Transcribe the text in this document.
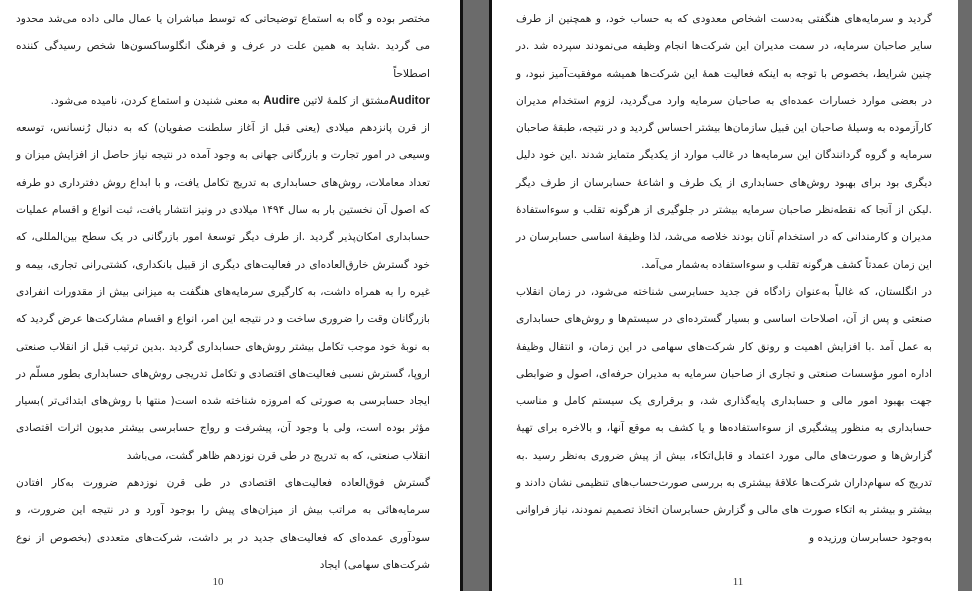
مختصر بوده و گاه به استماع توضیحاتی که توسط مباشران یا عمال مالی داده می‌شد محدود می گردید .شاید به همین علت در عرف و فرهنگ انگلوساکسون‌ها شخص رسیدگی کننده اصطلاحاً

Auditorمشتق از کلمهٔ لاتین Audire به معنی شنیدن و استماع کردن، نامیده می‌شود.

از قرن پانزدهم میلادی (یعنی قبل از آغاز سلطنت صفویان) که به دنبال رُنسانس، توسعه وسیعی در امور تجارت و بازرگانی جهانی به وجود آمده در نتیجه نیاز حاصل از افزایش میزان و تعداد معاملات، روش‌های حسابداری به تدریج تکامل یافت، و با ابداع روش دفترداری دو طرفه که اصول آن نخستین بار به سال ۱۴۹۴ میلادی در ونیز انتشار یافت، ثبت انواع و اقسام عملیات حسابداری امکان‌پذیر گردید .از طرف دیگر توسعهٔ امور بازرگانی در یک سطح بین‌المللی، که خود گسترش خارق‌العاده‌ای در فعالیت‌های دیگری از قبیل بانکداری، کشتی‌رانی تجاری، بیمه و غیره را به همراه داشت، به کارگیری سرمایه‌های هنگفت به میزانی بیش از مقدورات انفرادی بازرگانان وقت را ضروری ساخت و در نتیجه این امر، انواع و اقسام مشارکت‌ها عرض گردید که به نوبهٔ خود موجب تکامل بیشتر روش‌های حسابداری گردید .بدین ترتیب قبل از انقلاب صنعتی اروپا، گسترش نسبی فعالیت‌های اقتصادی و تکامل تدریجی روش‌های حسابداری بطور مسلّم در ایجاد حسابرسی به صورتی که امروزه شناخته شده است( منتها با روش‌های ابتدائی‌تر )بسیار مؤثر بوده است، ولی با وجود آن، پیشرفت و رواج حسابرسی بیشتر مدیون اثرات اقتصادی انقلاب صنعتی، که به تدریج در طی قرن نوزدهم ظاهر گشت، می‌باشد

گسترش فوق‌العاده فعالیت‌های اقتصادی در طی قرن نوزدهم ضرورت به‌کار افتادن سرمایه‌هائی به مراتب بیش از میزان‌های پیش را بوجود آورد و در نتیجه این ضرورت، و سودآوری عمده‌ای که فعالیت‌های جدید در بر داشت، شرکت‌های متعددی (بخصوص از نوع شرکت‌های سهامی) ایجاد

10

گردید و سرمایه‌های هنگفتی به‌دست اشخاص معدودی که به حساب خود، و همچنین از طرف سایر صاحبان سرمایه، در سمت مدیران این شرکت‌ها انجام وظیفه می‌نمودند سپرده شد .در چنین شرایط، بخصوص با توجه به اینکه فعالیت همهٔ این شرکت‌ها همیشه موفقیت‌آمیز نبود، و در بعضی موارد خسارات عمده‌ای به صاحبان سرمایه وارد می‌گردید، لزوم استخدام مدیران کارآزموده به وسیلهٔ صاحبان این قبیل سازمان‌ها بیشتر احساس گردید و در نتیجه، طبقهٔ صاحبان سرمایه و گروه گردانندگان این سرمایه‌ها در غالب موارد از یکدیگر متمایز شدند .این خود دلیل دیگری بود برای بهبود روش‌های حسابداری از یک طرف و اشاعهٔ حسابرسان از طرف دیگر .لیکن از آنجا که نقطه‌نظر صاحبان سرمایه بیشتر در جلوگیری از هرگونه تقلب و سوءاستفادهٔ مدیران و کارمندانی که در استخدام آنان بودند خلاصه می‌شد، لذا وظیفهٔ اساسی حسابرسان در این زمان عمدتاً کشف هرگونه تقلب و سوءاستفاده به‌شمار می‌آمد.

در انگلستان، که غالباً به‌عنوان زادگاه فن جدید حسابرسی شناخته می‌شود، در زمان انقلاب صنعتی و پس از آن، اصلاحات اساسی و بسیار گسترده‌ای در سیستم‌ها و روش‌های حسابداری به عمل آمد .با افزایش اهمیت و رونق کار شرکت‌های سهامی در این زمان، و انتقال وظیفهٔ اداره امور مؤسسات صنعتی و تجاری از صاحبان سرمایه به مدیران حرفه‌ای، اصول و ضوابطی جهت بهبود امور مالی و حسابداری پایه‌گذاری شد، و برقراری یک سیستم کامل و مناسب حسابداری به منظور پیشگیری از سوءاستفاده‌ها و یا کشف به موقع آنها، و بالاخره برای تهیهٔ گزارش‌ها و صورت‌های مالی مورد اعتماد و قابل‌اتکاء، بیش از پیش ضروری به‌نظر رسید .به تدریج که سهام‌داران شرکت‌ها علاقهٔ بیشتری به بررسی صورت‌حساب‌های تنظیمی نشان دادند و بیشتر و بیشتر به اتکاء صورت های مالی و گزارش حسابرسان اتخاذ تصمیم نمودند، نیاز فراوانی به‌وجود حسابرسان ورزیده و

11
